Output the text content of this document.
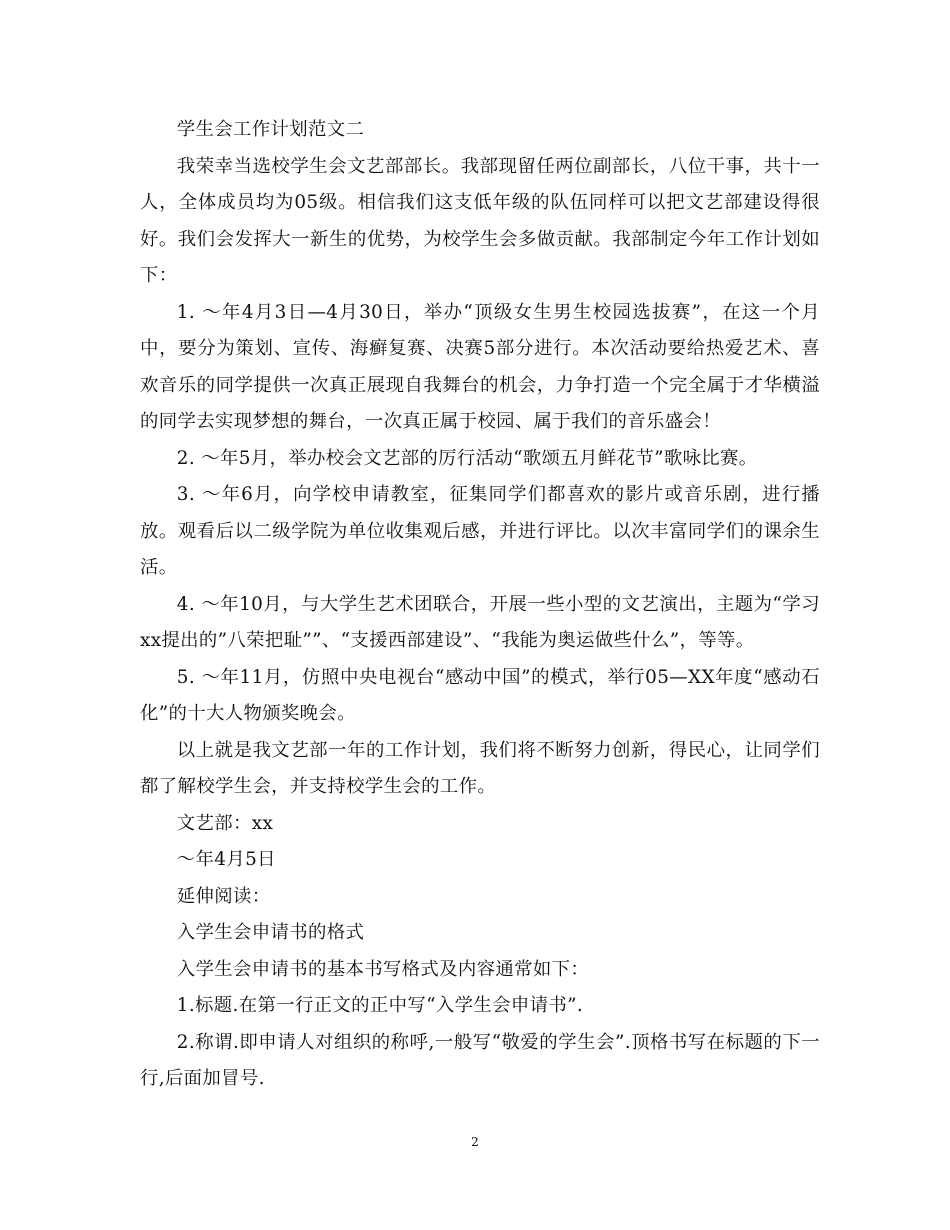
学生会工作计划范文二

我荣幸当选校学生会文艺部部长。我部现留任两位副部长，八位干事，共十一人，全体成员均为05级。相信我们这支低年级的队伍同样可以把文艺部建设得很好。我们会发挥大一新生的优势，为校学生会多做贡献。我部制定今年工作计划如下：

1. ～年4月3日—4月30日，举办“顶级女生男生校园选拔赛”，在这一个月中，要分为策划、宣传、海癣复赛、决赛5部分进行。本次活动要给热爱艺术、喜欢音乐的同学提供一次真正展现自我舞台的机会，力争打造一个完全属于才华横溢的同学去实现梦想的舞台，一次真正属于校园、属于我们的音乐盛会！

2. ～年5月，举办校会文艺部的厉行活动“歌颂五月鲜花节”歌咏比赛。

3. ～年6月，向学校申请教室，征集同学们都喜欢的影片或音乐剧，进行播放。观看后以二级学院为单位收集观后感，并进行评比。以次丰富同学们的课余生活。

4. ～年10月，与大学生艺术团联合，开展一些小型的文艺演出，主题为“学习xx提出的”八荣把耻””、“支援西部建设”、“我能为奥运做些什么”，等等。

5. ～年11月，仿照中央电视台“感动中国”的模式，举行05—XX年度“感动石化”的十大人物颁奖晚会。

以上就是我文艺部一年的工作计划，我们将不断努力创新，得民心，让同学们都了解校学生会，并支持校学生会的工作。

文艺部：xx

～年4月5日

延伸阅读：

入学生会申请书的格式

入学生会申请书的基本书写格式及内容通常如下：

1.标题.在第一行正文的正中写“入学生会申请书”.

2.称谓.即申请人对组织的称呼,一般写“敬爱的学生会”.顶格书写在标题的下一行,后面加冒号.

2
